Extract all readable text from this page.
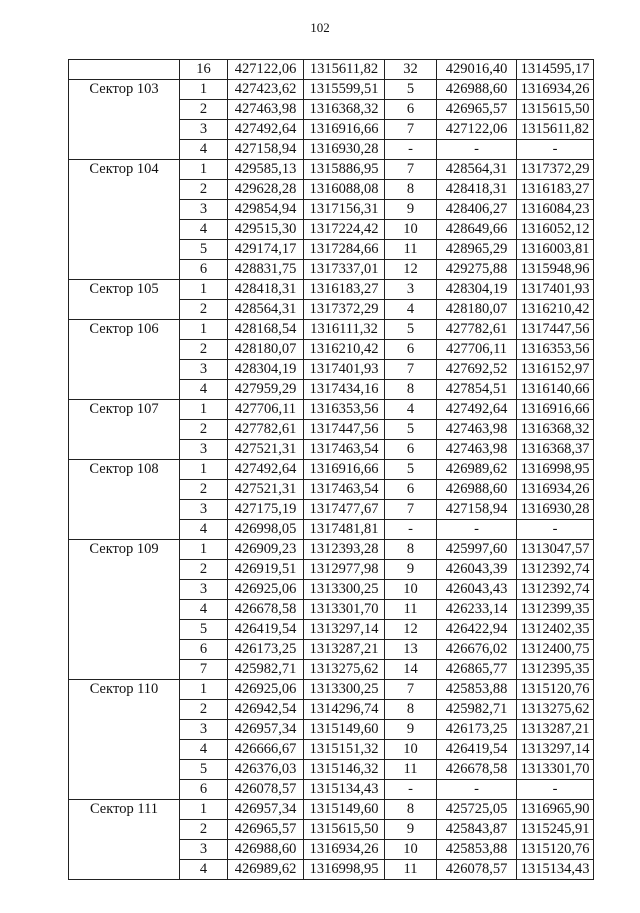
102
	16	427122,06	1315611,82	32	429016,40	1314595,17
Сектор 103	1	427423,62	1315599,51	5	426988,60	1316934,26
	2	427463,98	1316368,32	6	426965,57	1315615,50
	3	427492,64	1316916,66	7	427122,06	1315611,82
	4	427158,94	1316930,28	-	-	-
Сектор 104	1	429585,13	1315886,95	7	428564,31	1317372,29
	2	429628,28	1316088,08	8	428418,31	1316183,27
	3	429854,94	1317156,31	9	428406,27	1316084,23
	4	429515,30	1317224,42	10	428649,66	1316052,12
	5	429174,17	1317284,66	11	428965,29	1316003,81
	6	428831,75	1317337,01	12	429275,88	1315948,96
Сектор 105	1	428418,31	1316183,27	3	428304,19	1317401,93
	2	428564,31	1317372,29	4	428180,07	1316210,42
Сектор 106	1	428168,54	1316111,32	5	427782,61	1317447,56
	2	428180,07	1316210,42	6	427706,11	1316353,56
	3	428304,19	1317401,93	7	427692,52	1316152,97
	4	427959,29	1317434,16	8	427854,51	1316140,66
Сектор 107	1	427706,11	1316353,56	4	427492,64	1316916,66
	2	427782,61	1317447,56	5	427463,98	1316368,32
	3	427521,31	1317463,54	6	427463,98	1316368,37
Сектор 108	1	427492,64	1316916,66	5	426989,62	1316998,95
	2	427521,31	1317463,54	6	426988,60	1316934,26
	3	427175,19	1317477,67	7	427158,94	1316930,28
	4	426998,05	1317481,81	-	-	-
Сектор 109	1	426909,23	1312393,28	8	425997,60	1313047,57
	2	426919,51	1312977,98	9	426043,39	1312392,74
	3	426925,06	1313300,25	10	426043,43	1312392,74
	4	426678,58	1313301,70	11	426233,14	1312399,35
	5	426419,54	1313297,14	12	426422,94	1312402,35
	6	426173,25	1313287,21	13	426676,02	1312400,75
	7	425982,71	1313275,62	14	426865,77	1312395,35
Сектор 110	1	426925,06	1313300,25	7	425853,88	1315120,76
	2	426942,54	1314296,74	8	425982,71	1313275,62
	3	426957,34	1315149,60	9	426173,25	1313287,21
	4	426666,67	1315151,32	10	426419,54	1313297,14
	5	426376,03	1315146,32	11	426678,58	1313301,70
	6	426078,57	1315134,43	-	-	-
Сектор 111	1	426957,34	1315149,60	8	425725,05	1316965,90
	2	426965,57	1315615,50	9	425843,87	1315245,91
	3	426988,60	1316934,26	10	425853,88	1315120,76
	4	426989,62	1316998,95	11	426078,57	1315134,43
